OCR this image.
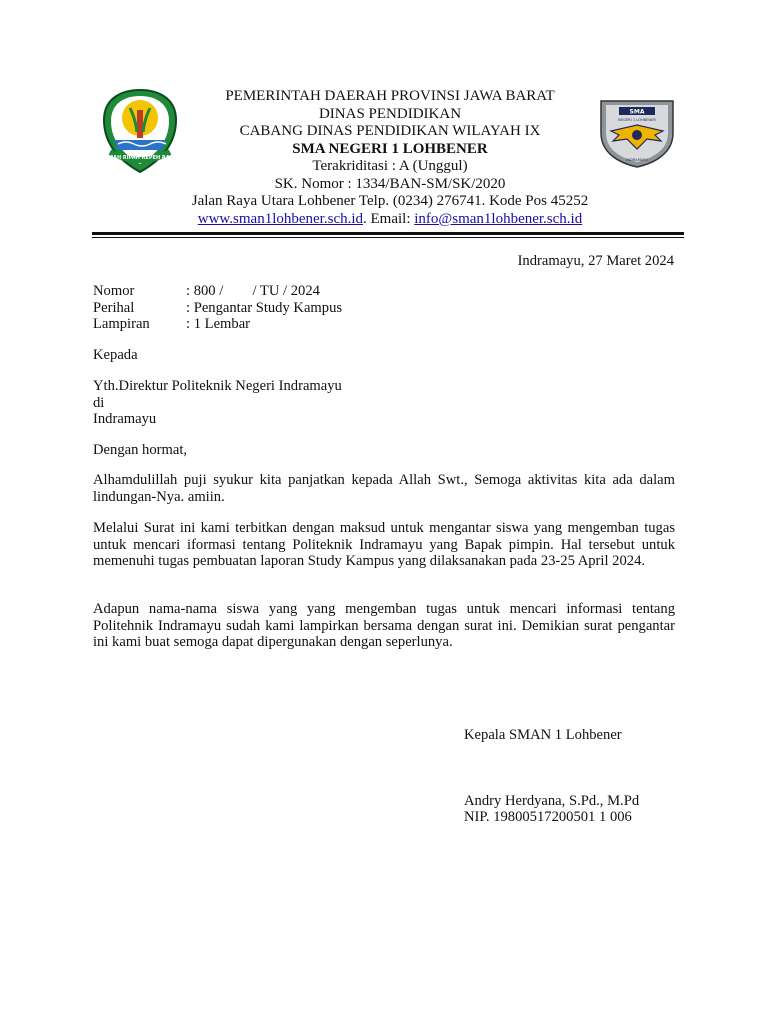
GEMAH RIPAH REPEH RAPIH
SMA
NEGERI 1 LOHBENER
INDRAMAYU
PEMERINTAH DAERAH PROVINSI JAWA BARAT
DINAS PENDIDIKAN
CABANG DINAS PENDIDIKAN WILAYAH IX
SMA NEGERI 1 LOHBENER
Terakriditasi : A (Unggul)
SK. Nomor : 1334/BAN-SM/SK/2020
Jalan Raya Utara Lohbener Telp. (0234) 276741. Kode Pos 45252
www.sman1lohbener.sch.id. Email: info@sman1lohbener.sch.id
Indramayu, 27 Maret 2024
Nomor	: 800 /        / TU / 2024
Perihal	: Pengantar Study Kampus
Lampiran	: 1 Lembar
Kepada
Yth.Direktur Politeknik Negeri Indramayu
di
Indramayu
Dengan hormat,

Alhamdulillah puji syukur kita panjatkan kepada Allah Swt., Semoga aktivitas kita ada dalam lindungan-Nya. amiin.

Melalui Surat ini kami terbitkan dengan maksud untuk mengantar siswa yang mengemban tugas untuk mencari iformasi tentang Politeknik Indramayu yang Bapak pimpin. Hal tersebut untuk memenuhi tugas pembuatan laporan Study Kampus yang dilaksanakan pada 23-25 April 2024.

Adapun nama-nama siswa yang yang mengemban tugas untuk mencari informasi tentang Politehnik Indramayu sudah kami lampirkan bersama dengan surat ini. Demikian surat pengantar ini kami buat semoga dapat dipergunakan dengan seperlunya.

Kepala SMAN 1 Lohbener
Andry Herdyana, S.Pd., M.Pd
NIP. 19800517200501 1 006
